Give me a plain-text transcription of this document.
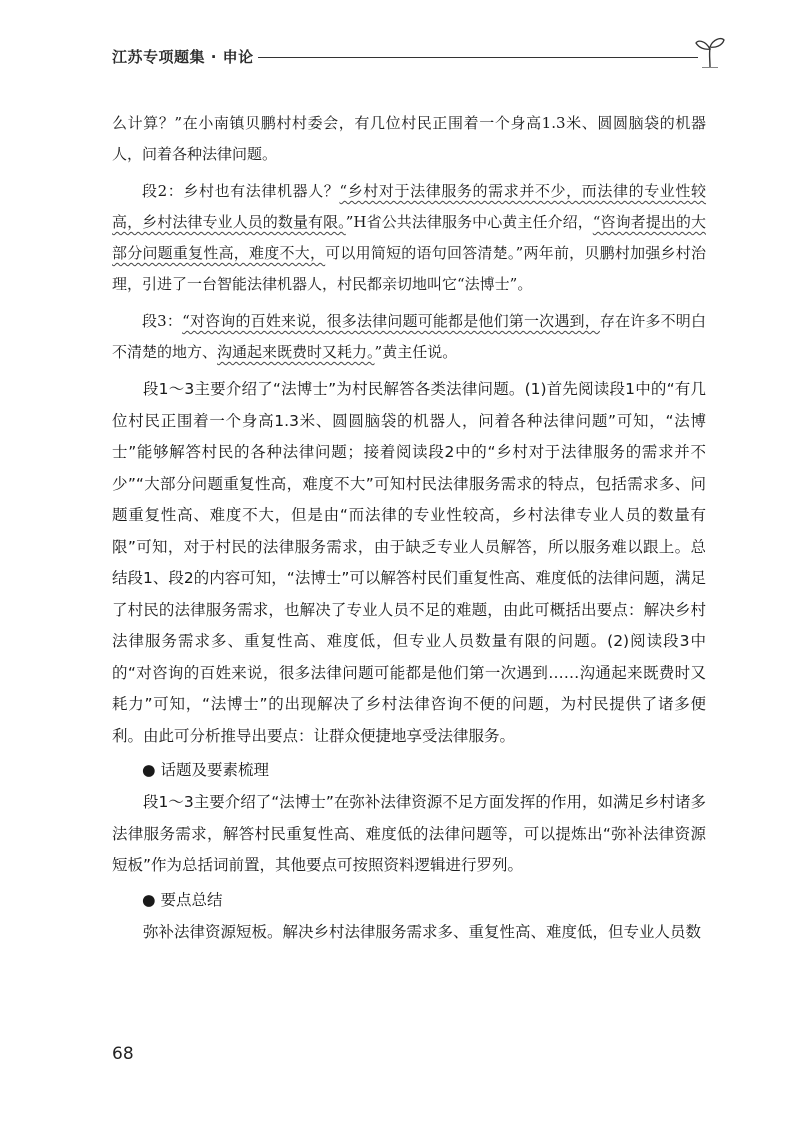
江苏专项题集 · 申论

么计算？”在小南镇贝鹏村村委会，有几位村民正围着一个身高1.3米、圆圆脑袋的机器人，问着各种法律问题。

段2：乡村也有法律机器人？“乡村对于法律服务的需求并不少，而法律的专业性较高，乡村法律专业人员的数量有限。”H省公共法律服务中心黄主任介绍，“咨询者提出的大部分问题重复性高，难度不大，可以用简短的语句回答清楚。”两年前，贝鹏村加强乡村治理，引进了一台智能法律机器人，村民都亲切地叫它“法博士”。

段3：“对咨询的百姓来说，很多法律问题可能都是他们第一次遇到，存在许多不明白不清楚的地方、沟通起来既费时又耗力。”黄主任说。

段1～3主要介绍了“法博士”为村民解答各类法律问题。(1)首先阅读段1中的“有几位村民正围着一个身高1.3米、圆圆脑袋的机器人，问着各种法律问题”可知，“法博士”能够解答村民的各种法律问题；接着阅读段2中的“乡村对于法律服务的需求并不少”“大部分问题重复性高，难度不大”可知村民法律服务需求的特点，包括需求多、问题重复性高、难度不大，但是由“而法律的专业性较高，乡村法律专业人员的数量有限”可知，对于村民的法律服务需求，由于缺乏专业人员解答，所以服务难以跟上。总结段1、段2的内容可知，“法博士”可以解答村民们重复性高、难度低的法律问题，满足了村民的法律服务需求，也解决了专业人员不足的难题，由此可概括出要点：解决乡村法律服务需求多、重复性高、难度低，但专业人员数量有限的问题。(2)阅读段3中的“对咨询的百姓来说，很多法律问题可能都是他们第一次遇到……沟通起来既费时又耗力”可知，“法博士”的出现解决了乡村法律咨询不便的问题，为村民提供了诸多便利。由此可分析推导出要点：让群众便捷地享受法律服务。

● 话题及要素梳理

段1～3主要介绍了“法博士”在弥补法律资源不足方面发挥的作用，如满足乡村诸多法律服务需求，解答村民重复性高、难度低的法律问题等，可以提炼出“弥补法律资源短板”作为总括词前置，其他要点可按照资料逻辑进行罗列。

● 要点总结

弥补法律资源短板。解决乡村法律服务需求多、重复性高、难度低，但专业人员数

68
